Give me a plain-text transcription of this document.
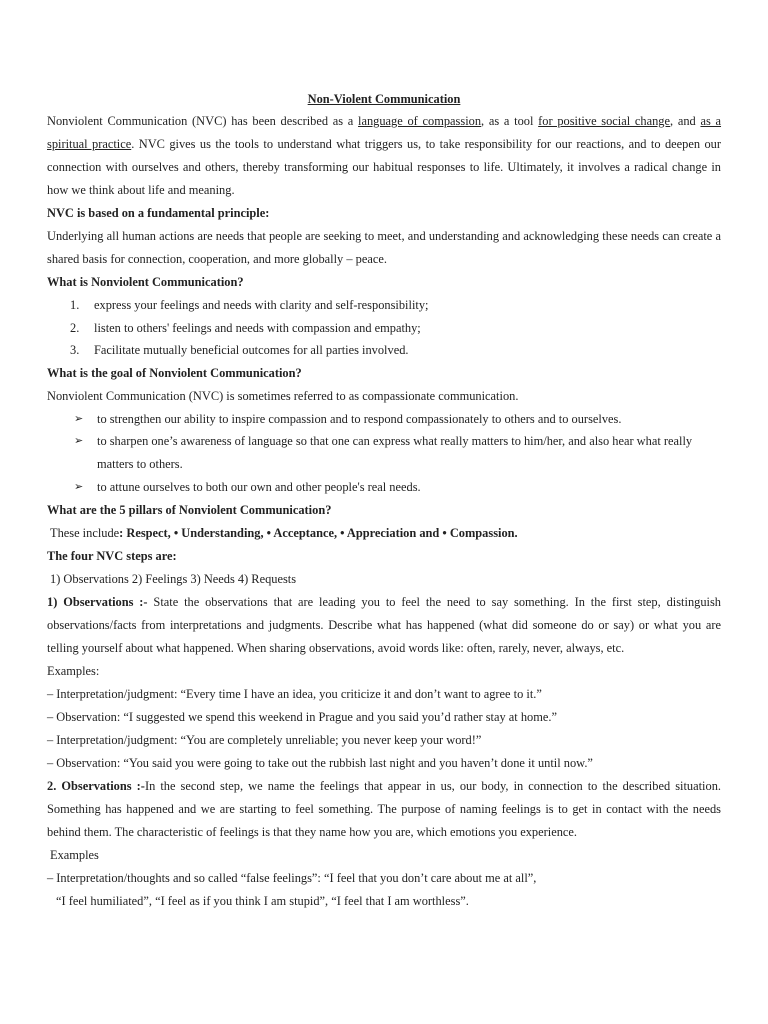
Non-Violent Communication

Nonviolent Communication (NVC) has been described as a language of compassion, as a tool for positive social change, and as a spiritual practice. NVC gives us the tools to understand what triggers us, to take responsibility for our reactions, and to deepen our connection with ourselves and others, thereby transforming our habitual responses to life. Ultimately, it involves a radical change in how we think about life and meaning.

NVC is based on a fundamental principle:

Underlying all human actions are needs that people are seeking to meet, and understanding and acknowledging these needs can create a shared basis for connection, cooperation, and more globally – peace.

What is Nonviolent Communication?

1.	express your feelings and needs with clarity and self-responsibility;
2.	listen to others' feelings and needs with compassion and empathy;
3.	Facilitate mutually beneficial outcomes for all parties involved.

What is the goal of Nonviolent Communication?

Nonviolent Communication (NVC) is sometimes referred to as compassionate communication.

➢	to strengthen our ability to inspire compassion and to respond compassionately to others and to ourselves.
➢	to sharpen one’s awareness of language so that one can express what really matters to him/her, and also hear what really matters to others.
➢	to attune ourselves to both our own and other people's real needs.

What are the 5 pillars of Nonviolent Communication?

These include: Respect, • Understanding, • Acceptance, • Appreciation and • Compassion.

The four NVC steps are:

1) Observations 2) Feelings 3) Needs 4) Requests

1) Observations :- State the observations that are leading you to feel the need to say something. In the first step, distinguish observations/facts from interpretations and judgments. Describe what has happened (what did someone do or say) or what you are telling yourself about what happened. When sharing observations, avoid words like: often, rarely, never, always, etc.

Examples:

– Interpretation/judgment: “Every time I have an idea, you criticize it and don’t want to agree to it.”

– Observation: “I suggested we spend this weekend in Prague and you said you’d rather stay at home.”

– Interpretation/judgment: “You are completely unreliable; you never keep your word!”

– Observation: “You said you were going to take out the rubbish last night and you haven’t done it until now.”

2. Observations :-In the second step, we name the feelings that appear in us, our body, in connection to the described situation. Something has happened and we are starting to feel something. The purpose of naming feelings is to get in contact with the needs behind them. The characteristic of feelings is that they name how you are, which emotions you experience.

Examples

– Interpretation/thoughts and so called “false feelings”: “I feel that you don’t care about me at all”,

“I feel humiliated”, “I feel as if you think I am stupid”, “I feel that I am worthless”.
